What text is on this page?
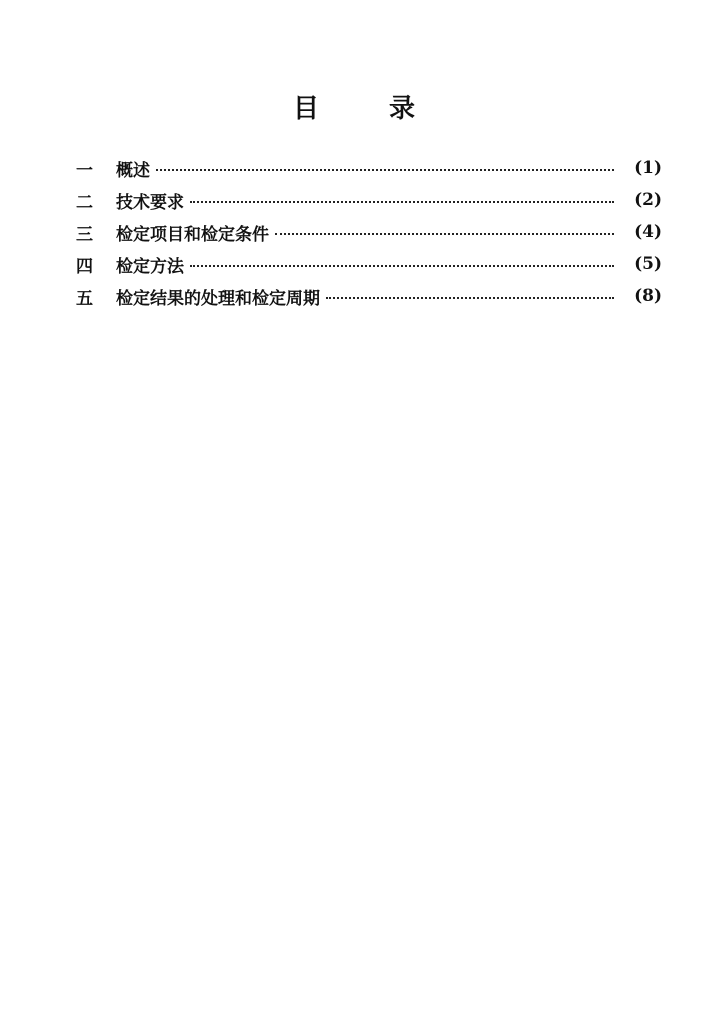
目	录
一	概述	(1)
二	技术要求	(2)
三	检定项目和检定条件	(4)
四	检定方法	(5)
五	检定结果的处理和检定周期	(8)
